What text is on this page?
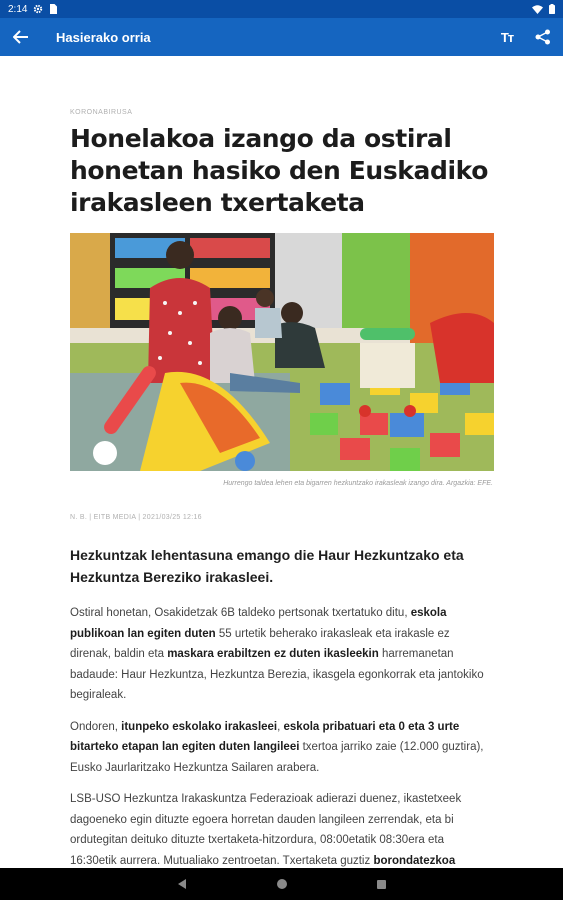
2:14
Hasierako orria	Tт
KORONABIRUSA
Honelakoa izango da ostiral honetan hasiko den Euskadiko irakasleen txertaketa
Hurrengo taldea lehen eta bigarren hezkuntzako irakasleak izango dira. Argazkia: EFE.
N. B. | EITB MEDIA | 2021/03/25 12:16

Hezkuntzak lehentasuna emango die Haur Hezkuntzako eta Hezkuntza Bereziko irakasleei.

Ostiral honetan, Osakidetzak 6B taldeko pertsonak txertatuko ditu, eskola publikoan lan egiten duten 55 urtetik beherako irakasleak eta irakasle ez direnak, baldin eta maskara erabiltzen ez duten ikasleekin harremanetan badaude: Haur Hezkuntza, Hezkuntza Berezia, ikasgela egonkorrak eta jantokiko begiraleak.

Ondoren, itunpeko eskolako irakasleei, eskola pribatuari eta 0 eta 3 urte bitarteko etapan lan egiten duten langileei txertoa jarriko zaie (12.000 guztira), Eusko Jaurlaritzako Hezkuntza Sailaren arabera.

LSB-USO Hezkuntza Irakaskuntza Federazioak adierazi duenez, ikastetxeek dagoeneko egin dituzte egoera horretan dauden langileen zerrendak, eta bi ordutegitan deituko dituzte txertaketa-hitzordura, 08:00etatik 08:30era eta 16:30etik aurrera. Mutualiako zentroetan. Txertaketa guztiz borondatezkoa
